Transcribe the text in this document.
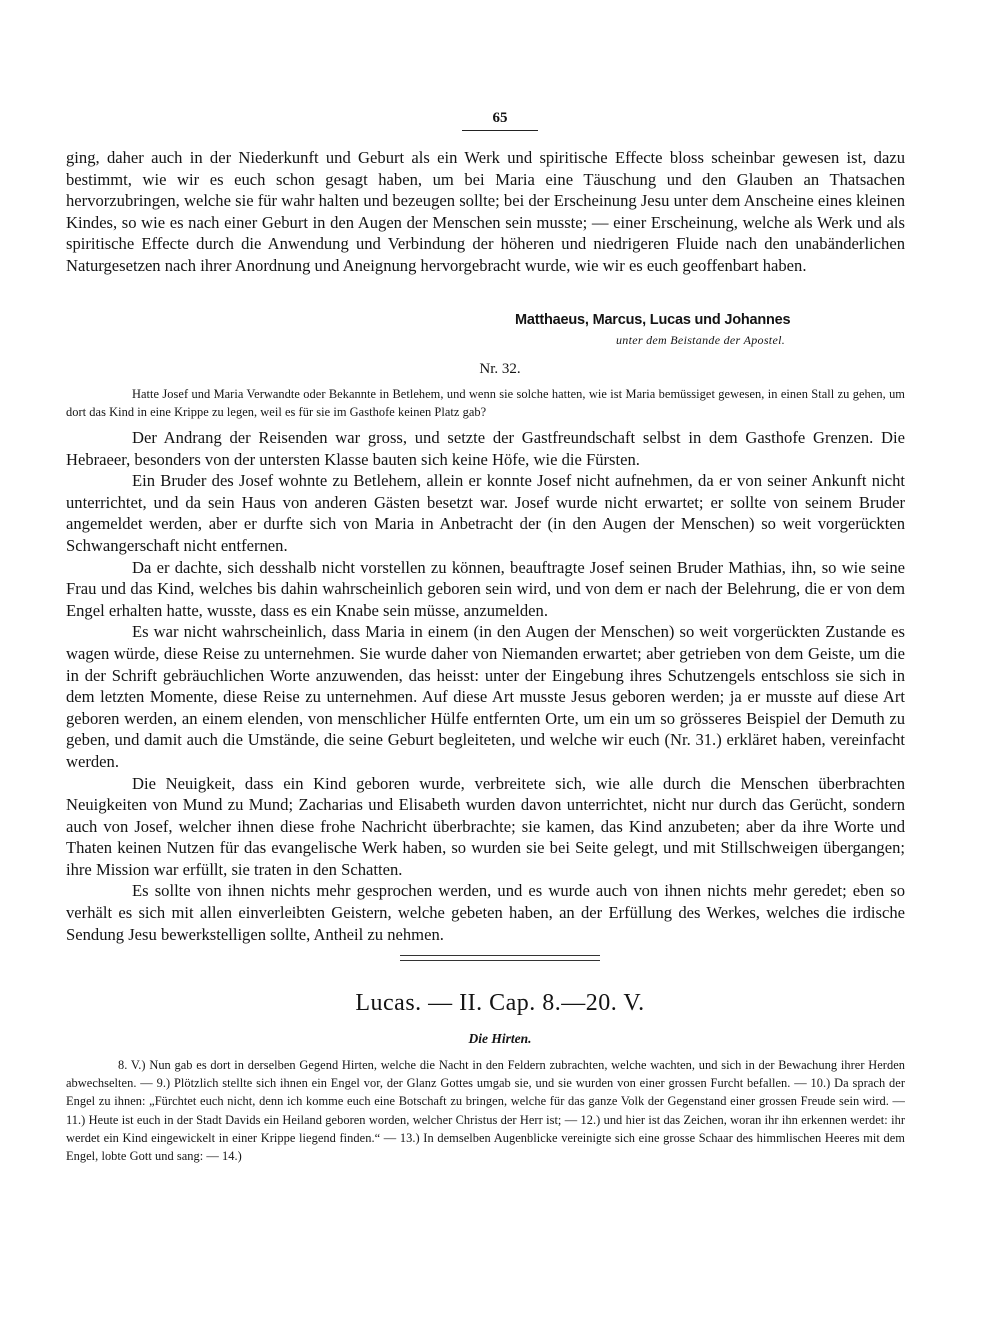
65

ging, daher auch in der Niederkunft und Geburt als ein Werk und spiritische Effecte bloss scheinbar gewesen ist, dazu bestimmt, wie wir es euch schon gesagt haben, um bei Maria eine Täuschung und den Glauben an Thatsachen hervorzubringen, welche sie für wahr halten und bezeugen sollte; bei der Erscheinung Jesu unter dem Anscheine eines kleinen Kindes, so wie es nach einer Geburt in den Augen der Menschen sein musste; — einer Erscheinung, welche als Werk und als spiritische Effecte durch die Anwendung und Verbindung der höheren und niedrigeren Fluide nach den unabänderlichen Naturgesetzen nach ihrer Anordnung und Aneignung hervorgebracht wurde, wie wir es euch geoffenbart haben.

Matthaeus, Marcus, Lucas und Johannes
unter dem Beistande der Apostel.
Nr. 32.
Hatte Josef und Maria Verwandte oder Bekannte in Betlehem, und wenn sie solche hatten, wie ist Maria bemüssiget gewesen, in einen Stall zu gehen, um dort das Kind in eine Krippe zu legen, weil es für sie im Gasthofe keinen Platz gab?

Der Andrang der Reisenden war gross, und setzte der Gastfreundschaft selbst in dem Gasthofe Grenzen. Die Hebraeer, besonders von der untersten Klasse bauten sich keine Höfe, wie die Fürsten.

Ein Bruder des Josef wohnte zu Betlehem, allein er konnte Josef nicht aufnehmen, da er von seiner Ankunft nicht unterrichtet, und da sein Haus von anderen Gästen besetzt war. Josef wurde nicht erwartet; er sollte von seinem Bruder angemeldet werden, aber er durfte sich von Maria in Anbetracht der (in den Augen der Menschen) so weit vorgerückten Schwangerschaft nicht entfernen.

Da er dachte, sich desshalb nicht vorstellen zu können, beauftragte Josef seinen Bruder Mathias, ihn, so wie seine Frau und das Kind, welches bis dahin wahrscheinlich geboren sein wird, und von dem er nach der Belehrung, die er von dem Engel erhalten hatte, wusste, dass es ein Knabe sein müsse, anzumelden.

Es war nicht wahrscheinlich, dass Maria in einem (in den Augen der Menschen) so weit vorgerückten Zustande es wagen würde, diese Reise zu unternehmen. Sie wurde daher von Niemanden erwartet; aber getrieben von dem Geiste, um die in der Schrift gebräuchlichen Worte anzuwenden, das heisst: unter der Eingebung ihres Schutzengels entschloss sie sich in dem letzten Momente, diese Reise zu unternehmen. Auf diese Art musste Jesus geboren werden; ja er musste auf diese Art geboren werden, an einem elenden, von menschlicher Hülfe entfernten Orte, um ein um so grösseres Beispiel der Demuth zu geben, und damit auch die Umstände, die seine Geburt begleiteten, und welche wir euch (Nr. 31.) erkläret haben, vereinfacht werden.

Die Neuigkeit, dass ein Kind geboren wurde, verbreitete sich, wie alle durch die Menschen überbrachten Neuigkeiten von Mund zu Mund; Zacharias und Elisabeth wurden davon unterrichtet, nicht nur durch das Gerücht, sondern auch von Josef, welcher ihnen diese frohe Nachricht überbrachte; sie kamen, das Kind anzubeten; aber da ihre Worte und Thaten keinen Nutzen für das evangelische Werk haben, so wurden sie bei Seite gelegt, und mit Stillschweigen übergangen; ihre Mission war erfüllt, sie traten in den Schatten.

Es sollte von ihnen nichts mehr gesprochen werden, und es wurde auch von ihnen nichts mehr geredet; eben so verhält es sich mit allen einverleibten Geistern, welche gebeten haben, an der Erfüllung des Werkes, welches die irdische Sendung Jesu bewerkstelligen sollte, Antheil zu nehmen.

Lucas. — II. Cap. 8.—20. V.
Die Hirten.
8. V.) Nun gab es dort in derselben Gegend Hirten, welche die Nacht in den Feldern zubrachten, welche wachten, und sich in der Bewachung ihrer Herden abwechselten. — 9.) Plötzlich stellte sich ihnen ein Engel vor, der Glanz Gottes umgab sie, und sie wurden von einer grossen Furcht befallen. — 10.) Da sprach der Engel zu ihnen: „Fürchtet euch nicht, denn ich komme euch eine Botschaft zu bringen, welche für das ganze Volk der Gegenstand einer grossen Freude sein wird. — 11.) Heute ist euch in der Stadt Davids ein Heiland geboren worden, welcher Christus der Herr ist; — 12.) und hier ist das Zeichen, woran ihr ihn erkennen werdet: ihr werdet ein Kind eingewickelt in einer Krippe liegend finden.“ — 13.) In demselben Augenblicke vereinigte sich eine grosse Schaar des himmlischen Heeres mit dem Engel, lobte Gott und sang: — 14.)
